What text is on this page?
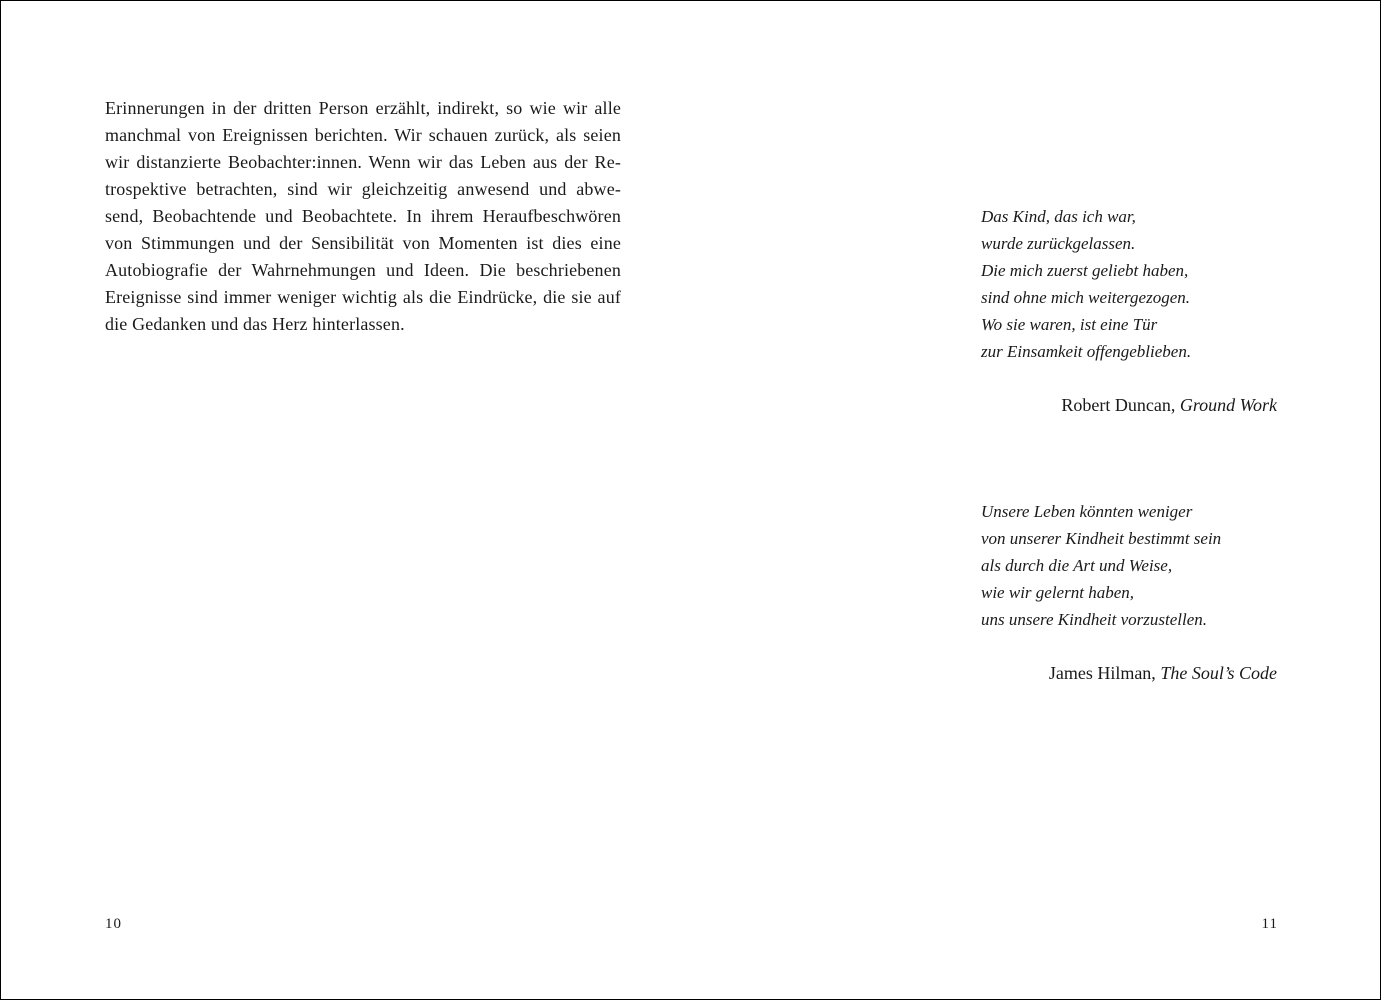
Erinnerungen in der dritten Person erzählt, indirekt, so wie wir alle
manchmal von Ereignissen berichten. Wir schauen zurück, als seien
wir distanzierte Beobachter:innen. Wenn wir das Leben aus der Re-
trospektive betrachten, sind wir gleichzeitig anwesend und abwe-
send, Beobachtende und Beobachtete. In ihrem Heraufbeschwören
von Stimmungen und der Sensibilität von Momenten ist dies eine
Autobiografie der Wahrnehmungen und Ideen. Die beschriebenen
Ereignisse sind immer weniger wichtig als die Eindrücke, die sie auf
die Gedanken und das Herz hinterlassen.
10
Das Kind, das ich war,
wurde zurückgelassen.
Die mich zuerst geliebt haben,
sind ohne mich weitergezogen.
Wo sie waren, ist eine Tür
zur Einsamkeit offengeblieben.
Robert Duncan, Ground Work
Unsere Leben könnten weniger
von unserer Kindheit bestimmt sein
als durch die Art und Weise,
wie wir gelernt haben,
uns unsere Kindheit vorzustellen.
James Hilman, The Soul’s Code
11
